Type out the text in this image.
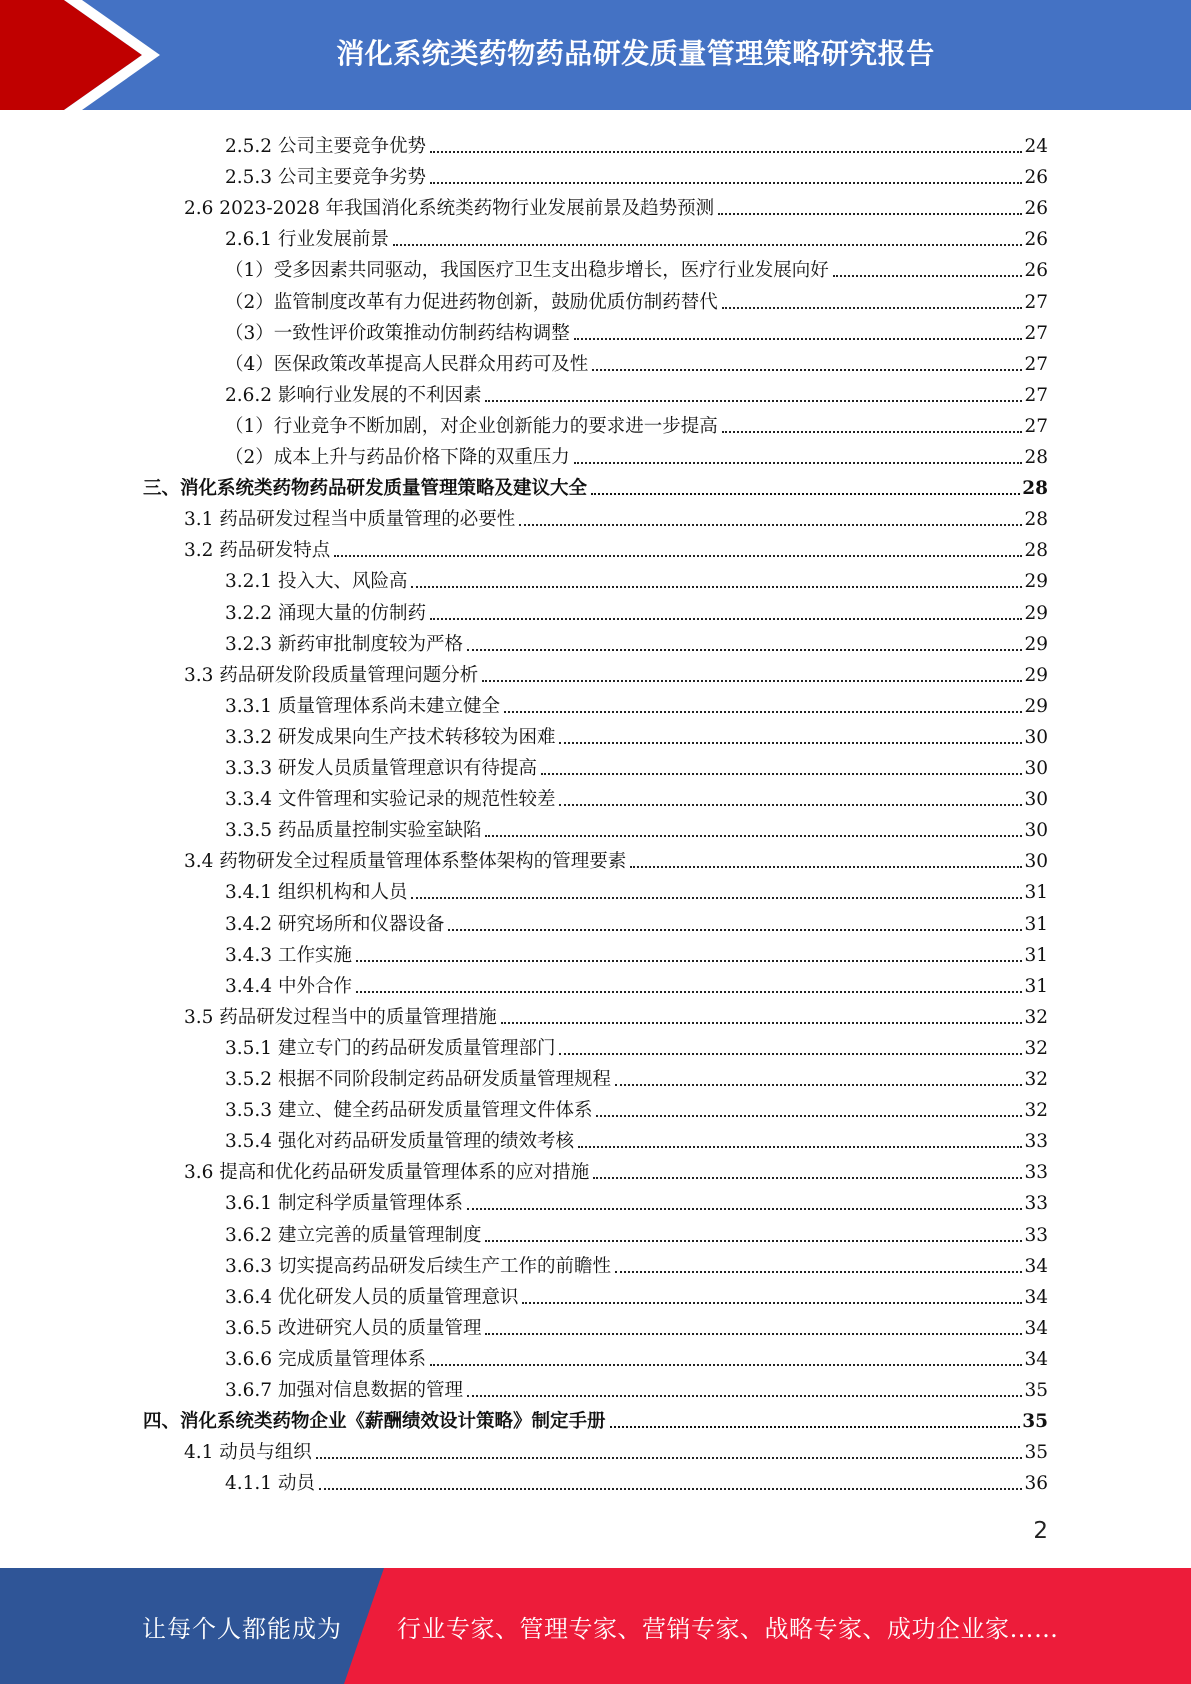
消化系统类药物药品研发质量管理策略研究报告
2.5.2 公司主要竞争优势	24
2.5.3 公司主要竞争劣势	26
2.6 2023-2028 年我国消化系统类药物行业发展前景及趋势预测	26
2.6.1 行业发展前景	26
（1）受多因素共同驱动，我国医疗卫生支出稳步增长，医疗行业发展向好	26
（2）监管制度改革有力促进药物创新，鼓励优质仿制药替代	27
（3）一致性评价政策推动仿制药结构调整	27
（4）医保政策改革提高人民群众用药可及性	27
2.6.2 影响行业发展的不利因素	27
（1）行业竞争不断加剧，对企业创新能力的要求进一步提高	27
（2）成本上升与药品价格下降的双重压力	28
三、消化系统类药物药品研发质量管理策略及建议大全	28
3.1 药品研发过程当中质量管理的必要性	28
3.2 药品研发特点	28
3.2.1 投入大、风险高	29
3.2.2 涌现大量的仿制药	29
3.2.3 新药审批制度较为严格	29
3.3 药品研发阶段质量管理问题分析	29
3.3.1 质量管理体系尚未建立健全	29
3.3.2 研发成果向生产技术转移较为困难	30
3.3.3 研发人员质量管理意识有待提高	30
3.3.4 文件管理和实验记录的规范性较差	30
3.3.5 药品质量控制实验室缺陷	30
3.4 药物研发全过程质量管理体系整体架构的管理要素	30
3.4.1 组织机构和人员	31
3.4.2 研究场所和仪器设备	31
3.4.3 工作实施	31
3.4.4 中外合作	31
3.5 药品研发过程当中的质量管理措施	32
3.5.1 建立专门的药品研发质量管理部门	32
3.5.2 根据不同阶段制定药品研发质量管理规程	32
3.5.3 建立、健全药品研发质量管理文件体系	32
3.5.4 强化对药品研发质量管理的绩效考核	33
3.6 提高和优化药品研发质量管理体系的应对措施	33
3.6.1 制定科学质量管理体系	33
3.6.2 建立完善的质量管理制度	33
3.6.3 切实提高药品研发后续生产工作的前瞻性	34
3.6.4 优化研发人员的质量管理意识	34
3.6.5 改进研究人员的质量管理	34
3.6.6 完成质量管理体系	34
3.6.7 加强对信息数据的管理	35
四、消化系统类药物企业《薪酬绩效设计策略》制定手册	35
4.1 动员与组织	35
4.1.1 动员	36
2
让每个人都能成为 行业专家、管理专家、营销专家、战略专家、成功企业家……
